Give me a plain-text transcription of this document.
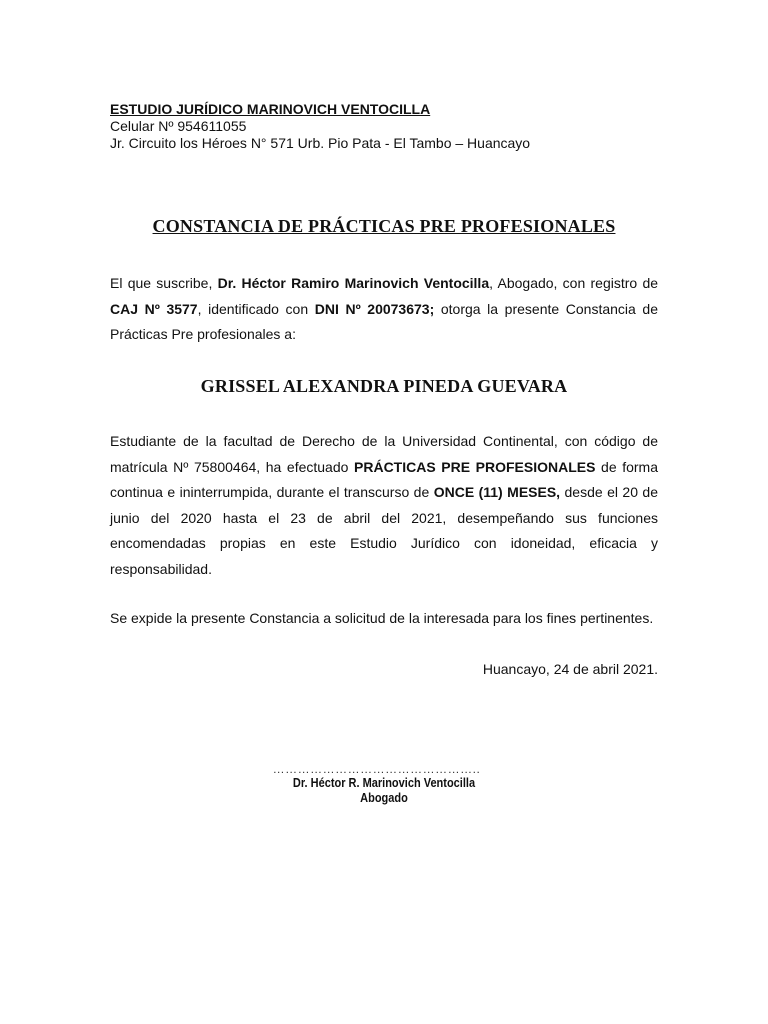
ESTUDIO JURÍDICO MARINOVICH VENTOCILLA
Celular Nº 954611055
Jr. Circuito los Héroes N° 571 Urb. Pio Pata - El Tambo – Huancayo
CONSTANCIA DE PRÁCTICAS PRE PROFESIONALES
El que suscribe, Dr. Héctor Ramiro Marinovich Ventocilla, Abogado, con registro de CAJ Nº 3577, identificado con DNI Nº 20073673; otorga la presente Constancia de Prácticas Pre profesionales a:
GRISSEL ALEXANDRA PINEDA GUEVARA
Estudiante de la facultad de Derecho de la Universidad Continental, con código de matrícula Nº 75800464, ha efectuado PRÁCTICAS PRE PROFESIONALES de forma continua e ininterrumpida, durante el transcurso de ONCE (11) MESES, desde el 20 de junio del 2020 hasta el 23 de abril del 2021, desempeñando sus funciones encomendadas propias en este Estudio Jurídico con idoneidad, eficacia y responsabilidad.
Se expide la presente Constancia a solicitud de la interesada para los fines pertinentes.
Huancayo, 24 de abril 2021.
…………………………………………..
Dr. Héctor R. Marinovich Ventocilla
Abogado
